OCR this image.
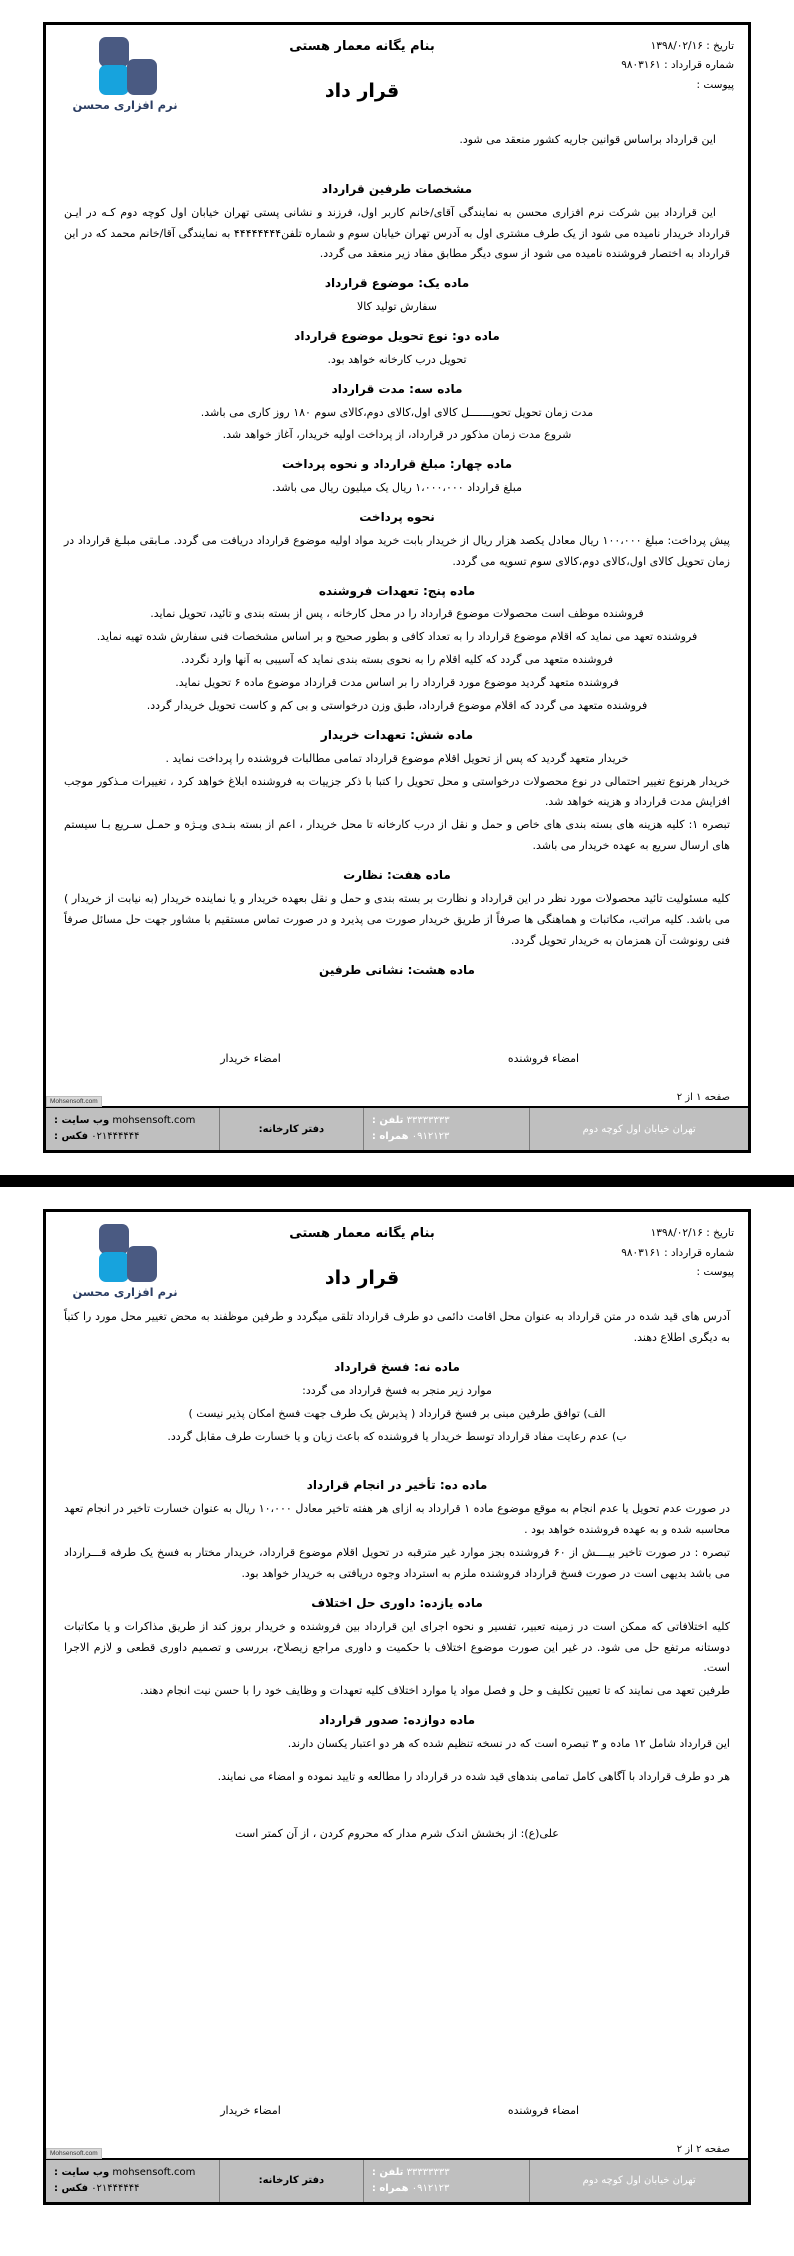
تاریخ : ۱۳۹۸/۰۲/۱۶
شماره قرارداد : ۹۸۰۳۱۶۱
پیوست :
بنام یگانه معمار هستی
قرار داد
نرم افزاری محسن

این قرارداد براساس قوانین جاریه کشور منعقد می شود.

مشخصات طرفین قرارداد

این قرارداد بین شرکت نرم افزاری محسن به نمایندگی آقای/خانم کاربر اول، فرزند و نشانی پستی تهران خیابان اول کوچه دوم کـه در ایـن قرارداد خریدار نامیده می شود از یک طرف مشتری اول به آدرس تهران خیابان سوم و شماره تلفن۴۴۴۴۴۴۴۴ به نمایندگی آقا/خانم محمد که در این قرارداد به اختصار فروشنده نامیده می شود از سوی دیگر مطابق مفاد زیر منعقد می گردد.

ماده یک: موضوع قرارداد

سفارش تولید کالا

ماده دو: نوع تحویل موضوع قرارداد

تحویل درب کارخانه خواهد بود.

ماده سه: مدت قرارداد

مدت زمان تحویل تحویـــــــل کالای اول،کالای دوم،کالای سوم ۱۸۰ روز کاری می باشد.

شروع مدت زمان مذکور در قرارداد، از پرداخت اولیه خریدار، آغاز خواهد شد.

ماده چهار: مبلغ قرارداد و نحوه پرداخت

مبلغ قرارداد ۱،۰۰۰،۰۰۰ ریال یک میلیون ریال می باشد.

نحوه پرداخت

پیش پرداخت: مبلغ ۱۰۰،۰۰۰ ریال معادل یکصد هزار ریال از خریدار بابت خرید مواد اولیه موضوع قرارداد دریافت می گردد. مـابقی مبلـغ قرارداد در زمان تحویل کالای اول،کالای دوم،کالای سوم تسویه می گردد.

ماده پنج: تعهدات فروشنده

فروشنده موظف است محصولات موضوع قرارداد را در محل کارخانه ، پس از بسته بندی و تائید، تحویل نماید.

فروشنده تعهد می نماید که اقلام موضوع قرارداد را به تعداد کافی و بطور صحیح و بر اساس مشخصات فنی سفارش شده تهیه نماید.

فروشنده متعهد می گردد که کلیه اقلام را به نحوی بسته بندی نماید که آسیبی به آنها وارد نگردد.

فروشنده متعهد گردید موضوع مورد قرارداد را بر اساس مدت قرارداد موضوع ماده ۶ تحویل نماید.

فروشنده متعهد می گردد که اقلام موضوع قرارداد، طبق وزن درخواستی و بی کم و کاست تحویل خریدار گردد.

ماده شش: تعهدات خریدار

خریدار متعهد گردید که پس از تحویل اقلام موضوع قرارداد تمامی مطالبات فروشنده را پرداخت نماید .

خریدار هرنوع تغییر احتمالی در نوع محصولات درخواستی و محل تحویل را کتبا با ذکر جزییات به فروشنده ابلاغ خواهد کرد ، تغییرات مـذکور موجب افزایش مدت قرارداد و هزینه خواهد شد.

تبصره ۱: کلیه هزینه های بسته بندی های خاص و حمل و نقل از درب کارخانه تا محل خریدار ، اعم از بسته بنـدی ویـژه و حمـل سـریع بـا سیستم های ارسال سریع به عهده خریدار می باشد.

ماده هفت: نظارت

کلیه مسئولیت تائید محصولات مورد نظر در این قرارداد و نظارت بر بسته بندی و حمل و نقل بعهده خریدار و یا نماینده خریدار (به نیابت از خریدار ) می باشد. کلیه مراتب، مکاتبات و هماهنگی ها صرفاً از طریق خریدار صورت می پذیرد و در صورت تماس مستقیم با مشاور جهت حل مسائل صرفاً فنی رونوشت آن همزمان به خریدار تحویل گردد.

ماده هشت: نشانی طرفین
امضاء فروشنده
امضاء خریدار
صفحه ۱ از ۲
Mohsensoft.com
تهران خیابان اول کوچه دوم
۳۳۳۳۳۳۳۳ تلفن :
۰۹۱۲۱۲۳ همراه :
دفتر کارخانه:
mohsensoft.com وب سایت :
۰۲۱۴۴۴۴۴۴ فکس :
تاریخ : ۱۳۹۸/۰۲/۱۶
شماره قرارداد : ۹۸۰۳۱۶۱
پیوست :
بنام یگانه معمار هستی
قرار داد
نرم افزاری محسن

آدرس های قید شده در متن قرارداد به عنوان محل اقامت دائمی دو طرف قرارداد تلقی میگردد و طرفین موظفند به محض تغییر محل مورد را کتباً به دیگری اطلاع دهند.

ماده نه: فسخ قرارداد

موارد زیر منجر به فسخ قرارداد می گردد:

الف) توافق طرفین مبنی بر فسخ قرارداد ( پذیرش یک طرف جهت فسخ امکان پذیر نیست )

ب) عدم رعایت مفاد قرارداد توسط خریدار یا فروشنده که باعث زیان و یا خسارت طرف مقابل گردد.

ماده ده: تأخیر در انجام قرارداد

در صورت عدم تحویل یا عدم انجام به موقع موضوع ماده ۱ قرارداد به ازای هر هفته تاخیر معادل ۱۰،۰۰۰ ریال به عنوان خسارت تاخیر در انجام تعهد محاسبه شده و به عهده فروشنده خواهد بود .

تبصره : در صورت تاخیر بیــــش از ۶۰ فروشنده بجز موارد غیر مترقبه در تحویل اقلام موضوع قرارداد، خریدار مختار به فسخ یک طرفه قـــرارداد می باشد بدیهی است در صورت فسخ قرارداد فروشنده ملزم به استرداد وجوه دریافتی به خریدار خواهد بود.

ماده یازده: داوری حل اختلاف

کلیه اختلافاتی که ممکن است در زمینه تعبیر، تفسیر و نحوه اجرای این قرارداد بین فروشنده و خریدار بروز کند از طریق مذاکرات و یا مکاتبات دوستانه مرتفع حل می شود. در غیر این صورت موضوع اختلاف با حکمیت و داوری مراجع زیصلاح، بررسی و تصمیم داوری قطعی و لازم الاجرا است.

طرفین تعهد می نمایند که تا تعیین تکلیف و حل و فصل مواد یا موارد اختلاف کلیه تعهدات و وظایف خود را با حسن نیت انجام دهند.

ماده دوازده: صدور قرارداد

این قرارداد شامل ۱۲ ماده و ۳ تبصره است که در نسخه تنظیم شده که هر دو اعتبار یکسان دارند.

هر دو طرف قرارداد با آگاهی کامل تمامی بندهای قید شده در قرارداد را مطالعه و تایید نموده و امضاء می نمایند.

علی(ع): از بخشش اندک شرم مدار که محروم کردن ، از آن کمتر است

امضاء فروشنده
امضاء خریدار
صفحه ۲ از ۲
Mohsensoft.com
تهران خیابان اول کوچه دوم
۳۳۳۳۳۳۳۳ تلفن :
۰۹۱۲۱۲۳ همراه :
دفتر کارخانه:
mohsensoft.com وب سایت :
۰۲۱۴۴۴۴۴۴ فکس :
